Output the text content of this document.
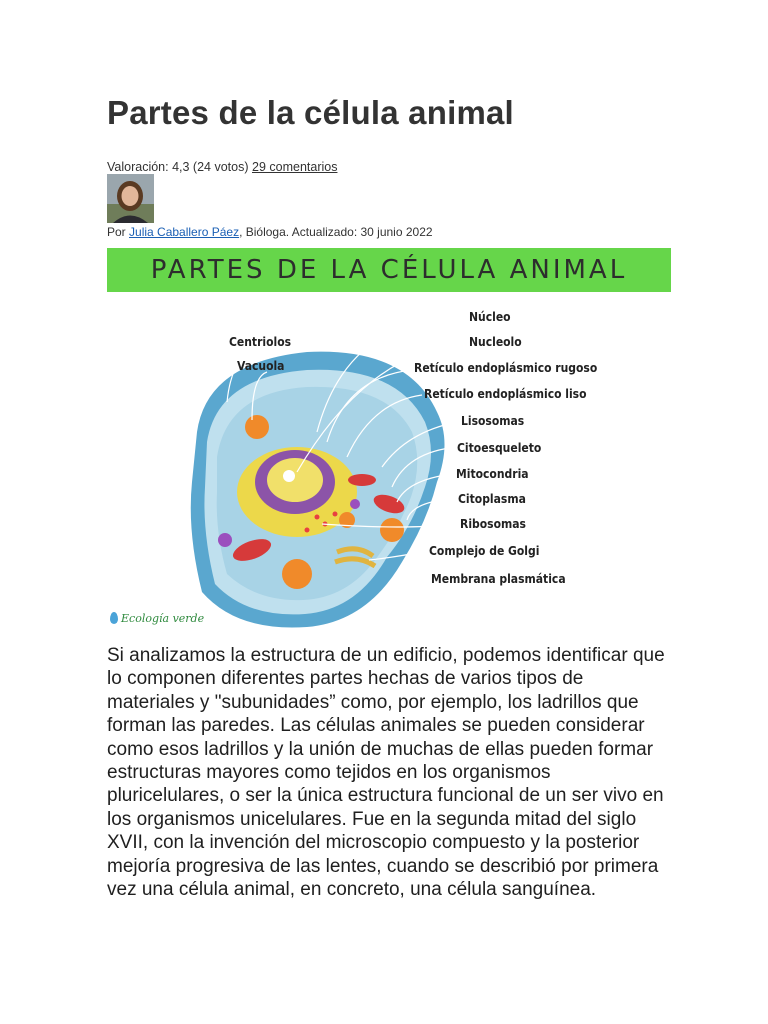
Partes de la célula animal
Valoración: 4,3 (24 votos) 29 comentarios
Por Julia Caballero Páez, Bióloga. Actualizado: 30 junio 2022
PARTES DE LA CÉLULA ANIMAL
Centriolos
Vacuola
Núcleo
Nucleolo
Retículo endoplásmico rugoso
Retículo endoplásmico liso
Lisosomas
Citoesqueleto
Mitocondria
Citoplasma
Ribosomas
Complejo de Golgi
Membrana plasmática
Ecología verde
Si analizamos la estructura de un edificio, podemos identificar que lo componen diferentes partes hechas de varios tipos de materiales y "subunidades” como, por ejemplo, los ladrillos que forman las paredes. Las células animales se pueden considerar como esos ladrillos y la unión de muchas de ellas pueden formar estructuras mayores como tejidos en los organismos pluricelulares, o ser la única estructura funcional de un ser vivo en los organismos unicelulares. Fue en la segunda mitad del siglo XVII, con la invención del microscopio compuesto y la posterior mejoría progresiva de las lentes, cuando se describió por primera vez una célula animal, en concreto, una célula sanguínea.
